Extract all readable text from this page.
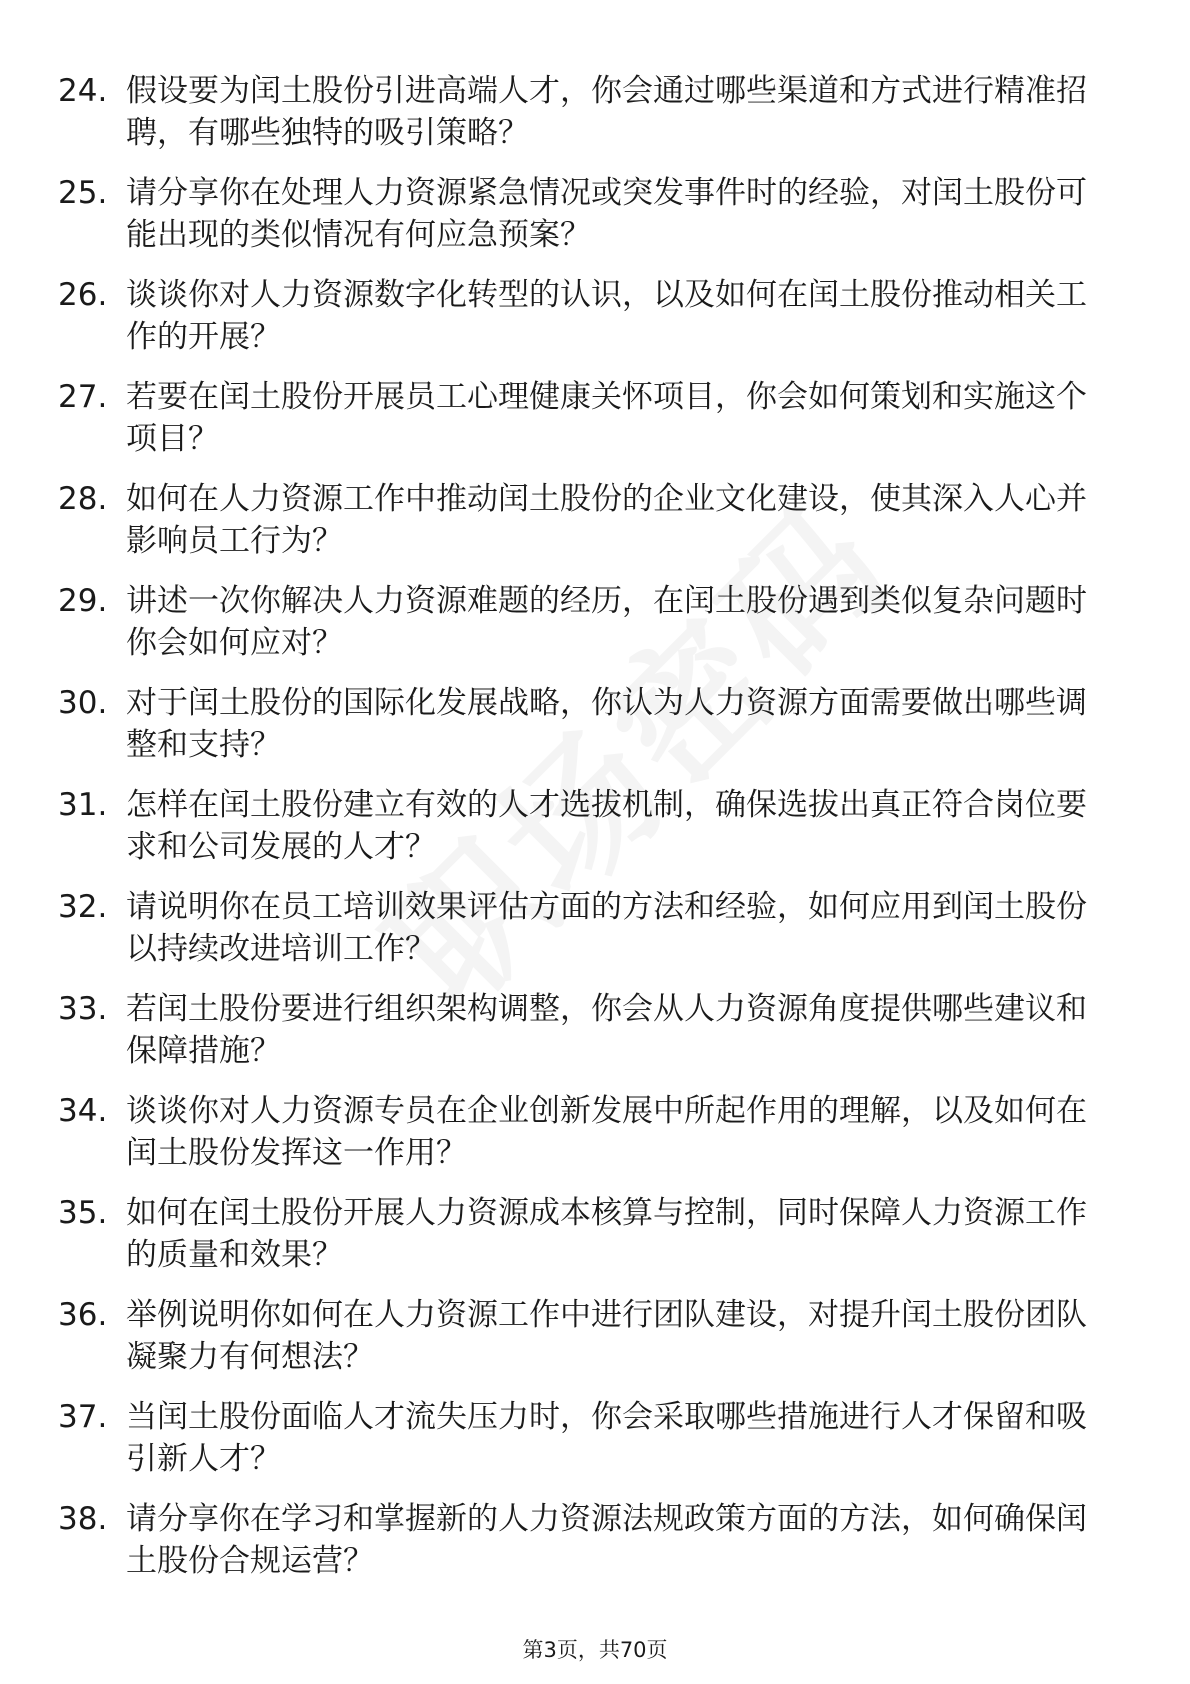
24. 假设要为闰土股份引进高端人才，你会通过哪些渠道和方式进行精准招聘，有哪些独特的吸引策略？
25. 请分享你在处理人力资源紧急情况或突发事件时的经验，对闰土股份可能出现的类似情况有何应急预案？
26. 谈谈你对人力资源数字化转型的认识，以及如何在闰土股份推动相关工作的开展？
27. 若要在闰土股份开展员工心理健康关怀项目，你会如何策划和实施这个项目？
28. 如何在人力资源工作中推动闰土股份的企业文化建设，使其深入人心并影响员工行为？
29. 讲述一次你解决人力资源难题的经历，在闰土股份遇到类似复杂问题时你会如何应对？
30. 对于闰土股份的国际化发展战略，你认为人力资源方面需要做出哪些调整和支持？
31. 怎样在闰土股份建立有效的人才选拔机制，确保选拔出真正符合岗位要求和公司发展的人才？
32. 请说明你在员工培训效果评估方面的方法和经验，如何应用到闰土股份以持续改进培训工作？
33. 若闰土股份要进行组织架构调整，你会从人力资源角度提供哪些建议和保障措施？
34. 谈谈你对人力资源专员在企业创新发展中所起作用的理解，以及如何在闰土股份发挥这一作用？
35. 如何在闰土股份开展人力资源成本核算与控制，同时保障人力资源工作的质量和效果？
36. 举例说明你如何在人力资源工作中进行团队建设，对提升闰土股份团队凝聚力有何想法？
37. 当闰土股份面临人才流失压力时，你会采取哪些措施进行人才保留和吸引新人才？
38. 请分享你在学习和掌握新的人力资源法规政策方面的方法，如何确保闰土股份合规运营？
第3页，共70页
